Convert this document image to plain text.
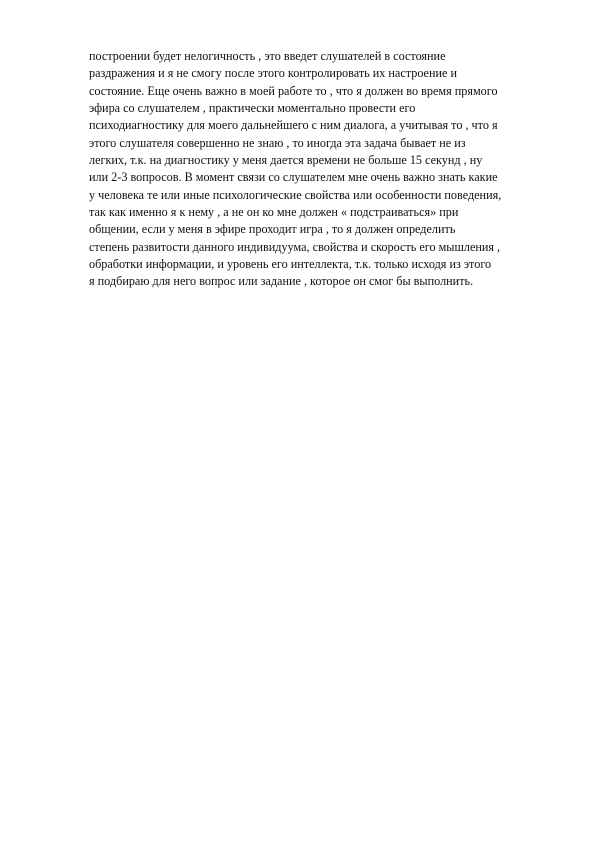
построении будет нелогичность , это введет слушателей в состояние
раздражения и я не смогу после этого контролировать их настроение и
состояние. Еще очень важно в моей работе то , что я должен во время прямого
эфира со слушателем , практически моментально провести его
психодиагностику для моего дальнейшего с ним диалога, а учитывая то , что я
этого слушателя совершенно не знаю , то иногда эта задача бывает не из
легких, т.к. на диагностику у меня дается времени не больше 15 секунд , ну
или 2-3 вопросов. В момент связи со слушателем мне очень важно знать какие
у человека те или иные психологические свойства или особенности поведения,
так как именно я к нему , а не он ко мне должен « подстраиваться» при
общении, если у меня в эфире проходит игра , то я должен определить
степень развитости данного индивидуума, свойства и скорость его мышления ,
обработки информации, и уровень его интеллекта, т.к. только исходя из этого
я подбираю для него вопрос или задание , которое он смог бы выполнить.
